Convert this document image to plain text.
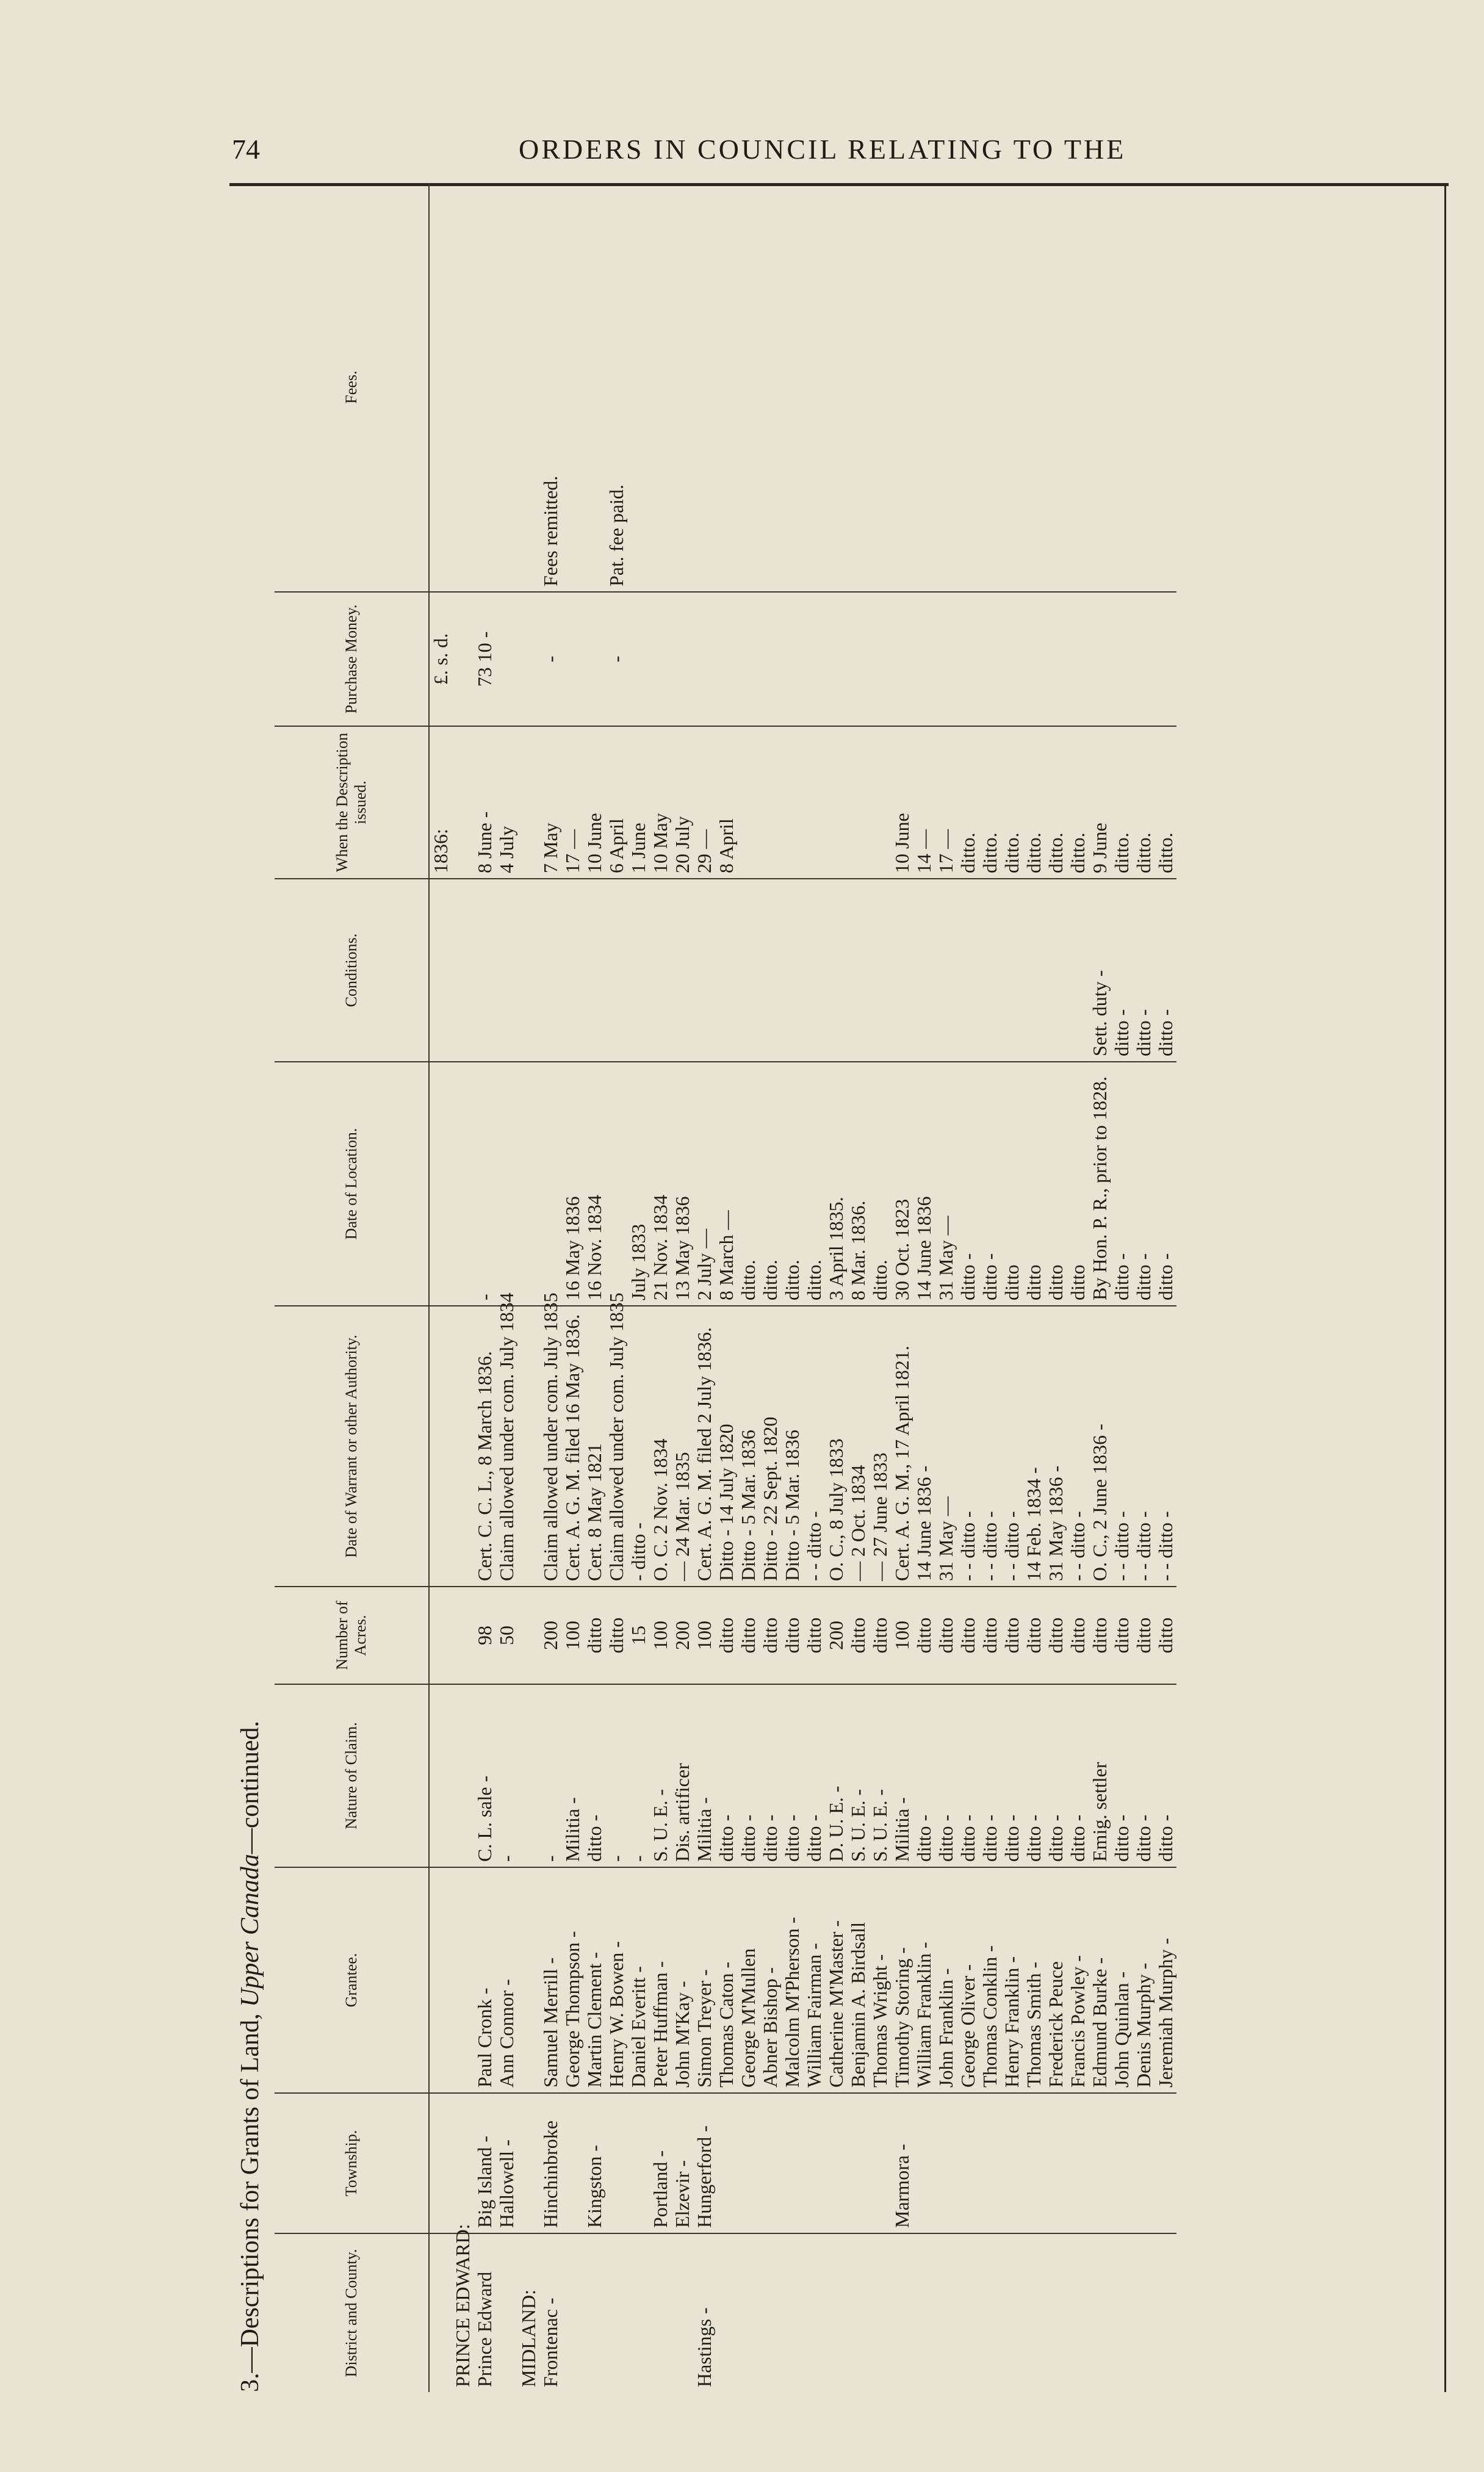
74	ORDERS IN COUNCIL RELATING TO THE
3.—Descriptions for Grants of Land, Upper Canada—continued.
District and County.	Township.	Grantee.	Nature of Claim.	Number of Acres.	Date of Warrant or other Authority.	Date of Location.	Conditions.	When the Description issued.	Purchase Money.	Fees.
								1836:	£. s. d.	
PRINCE EDWARD:										
Prince Edward	Big Island -	Paul Cronk -	C. L. sale -	98	Cert. C. C. L., 8 March 1836.	-		8 June -	73 10 -	
	Hallowell -	Ann Connor -	-	50	Claim allowed under com. July 1834			4 July		
MIDLAND:										
Frontenac -	Hinchinbroke	Samuel Merrill -	-	200	Claim allowed under com. July 1835			7 May	-	Fees remitted.
		George Thompson -	Militia -	100	Cert. A. G. M. filed 16 May 1836.	16 May 1836		17 —		
	Kingston -	Martin Clement -	ditto -	ditto	Cert. 8 May 1821	16 Nov. 1834		10 June		
		Henry W. Bowen -	-	ditto	Claim allowed under com. July 1835			6 April	-	Pat. fee paid.
		Daniel Everitt -	-	15	- ditto -	July 1833		1 June		
	Portland -	Peter Huffman -	S. U. E. -	100	O. C. 2 Nov. 1834	21 Nov. 1834		10 May		
	Elzevir -	John M'Kay -	Dis. artificer	200	— 24 Mar. 1835	13 May 1836		20 July		
Hastings -	Hungerford -	Simon Treyer -	Militia -	100	Cert. A. G. M. filed 2 July 1836.	2 July —		29 —		
		Thomas Caton -	ditto -	ditto	Ditto - 14 July 1820	8 March —		8 April		
		George M'Mullen	ditto -	ditto	Ditto - 5 Mar. 1836	ditto.				
		Abner Bishop -	ditto -	ditto	Ditto - 22 Sept. 1820	ditto.				
		Malcolm M'Pherson -	ditto -	ditto	Ditto - 5 Mar. 1836	ditto.				
		William Fairman -	ditto -	ditto	- - ditto -	ditto.				
		Catherine M'Master -	D. U. E. -	200	O. C., 8 July 1833	3 April 1835.				
		Benjamin A. Birdsall	S. U. E. -	ditto	— 2 Oct. 1834	8 Mar. 1836.				
		Thomas Wright -	S. U. E. -	ditto	— 27 June 1833	ditto.				
	Marmora -	Timothy Storing -	Militia -	100	Cert. A. G. M., 17 April 1821.	30 Oct. 1823		10 June		
		William Franklin -	ditto -	ditto	14 June 1836 -	14 June 1836		14 —		
		John Franklin -	ditto -	ditto	31 May —	31 May —		17 —		
		George Oliver -	ditto -	ditto	- - ditto -	ditto -		ditto.		
		Thomas Conklin -	ditto -	ditto	- - ditto -	ditto -		ditto.		
		Henry Franklin -	ditto -	ditto	- - ditto -	ditto		ditto.		
		Thomas Smith -	ditto -	ditto	14 Feb. 1834 -	ditto		ditto.		
		Frederick Peuce	ditto -	ditto	31 May 1836 -	ditto		ditto.		
		Francis Powley -	ditto -	ditto	- - ditto -	ditto		ditto.		
		Edmund Burke -	Emig. settler	ditto	O. C., 2 June 1836 -	By Hon. P. R., prior to 1828.	Sett. duty -	9 June		
		John Quinlan -	ditto -	ditto	- - ditto -	ditto -	ditto -	ditto.		
		Denis Murphy -	ditto -	ditto	- - ditto -	ditto -	ditto -	ditto.		
		Jeremiah Murphy -	ditto -	ditto	- - ditto -	ditto -	ditto -	ditto.		
